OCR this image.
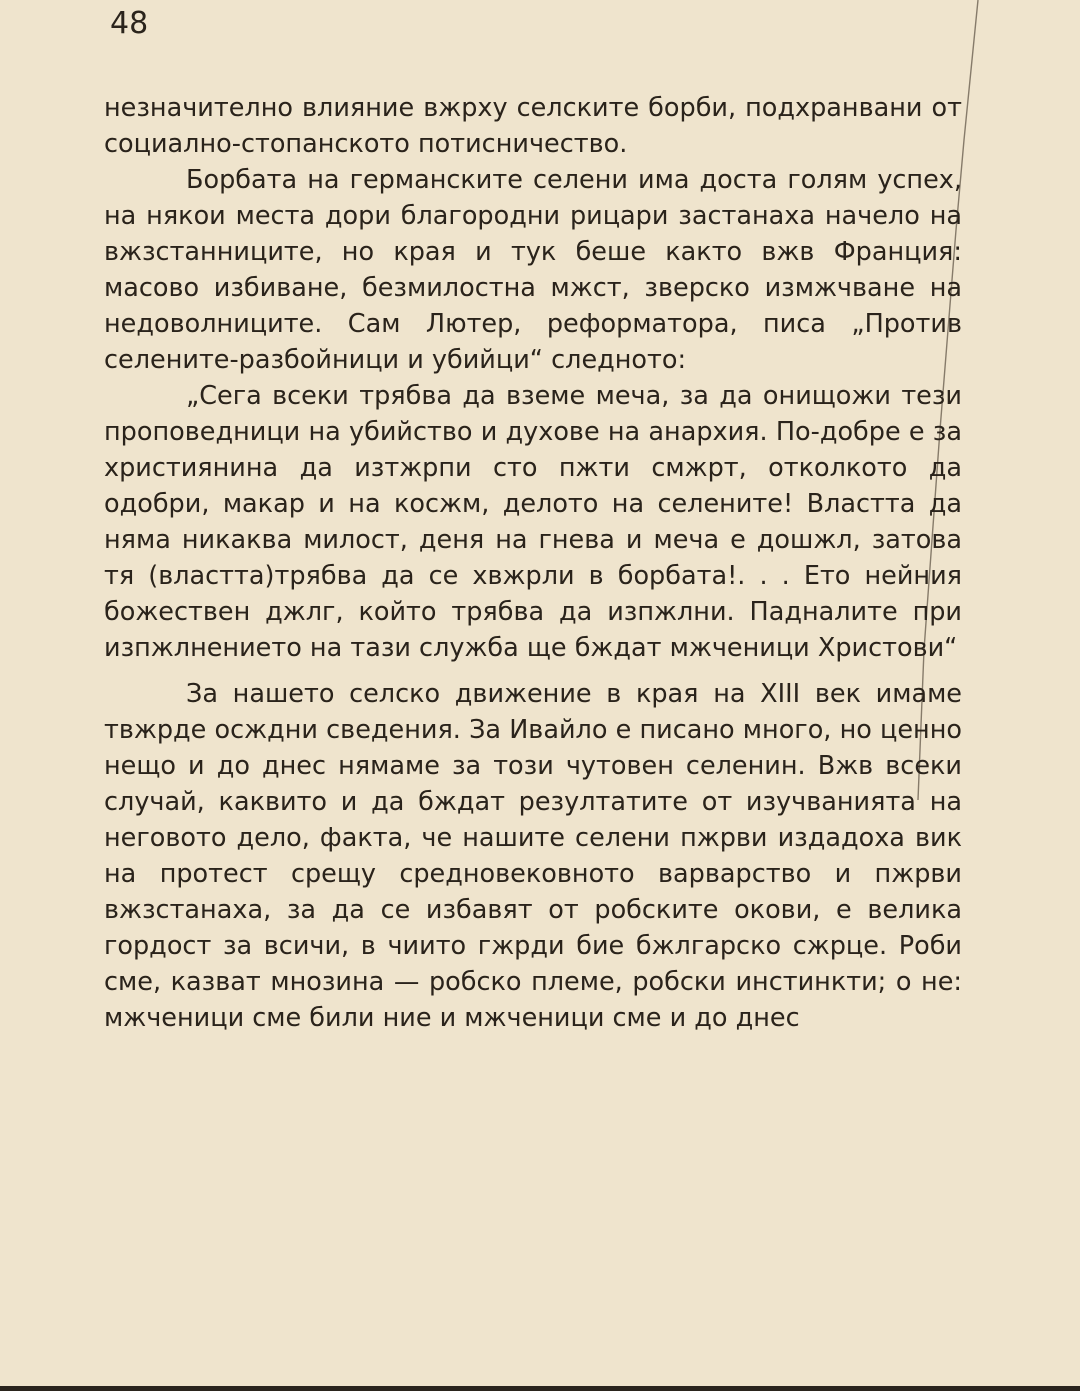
48

незначително влияние вжрху селските борби, подхранвани от социално-стопанското потисничество.

Борбата на германските селени има доста голям успех, на някои места дори благородни рицари застанаха начело на вжзстанниците, но края и тук беше както вжв Франция: масово избиване, безмилостна мжст, зверско измжчване на недоволниците. Сам Лютер, реформатора, писа „Против селените-разбойници и убийци“ следното:

„Сега всеки трябва да вземе меча, за да онищожи тези проповедници на убийство и духове на анархия. По-добре е за християнина да изтжрпи сто пжти смжрт, отколкото да одобри, макар и на косжм, делото на селените! Властта да няма никаква милост, деня на гнева и меча е дошжл, затова тя (властта)трябва да се хвжрли в борбата!. . . Ето нейния божествен джлг, който трябва да изпжлни. Падналите при изпжлнението на тази служба ще бждат мжченици Христови“

За нашето селско движение в края на XIII век имаме твжрде осждни сведения. За Ивайло е писано много, но ценно нещо и до днес нямаме за този чутовен селенин. Вжв всеки случай, каквито и да бждат резултатите от изучванията на неговото дело, факта, че нашите селени пжрви издадоха вик на протест срещу средновековното варварство и пжрви вжзстанаха, за да се избавят от робските окови, е велика гордост за всичи, в чиито гжрди бие бжлгарско сжрце. Роби сме, казват мнозина — робско племе, робски инстинкти; о не: мжченици сме били ние и мжченици сме и до днес
